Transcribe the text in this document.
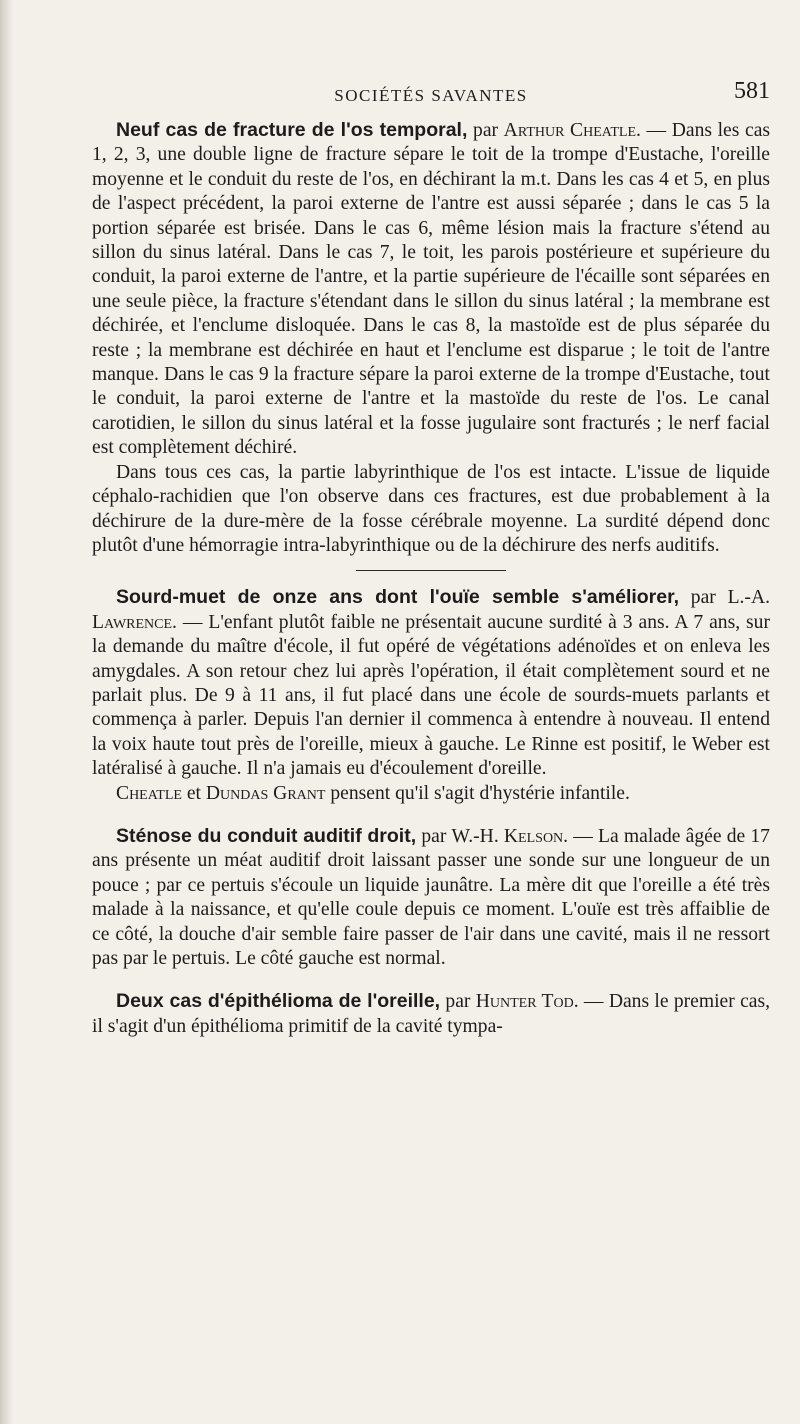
SOCIÉTÉS SAVANTES	581

Neuf cas de fracture de l'os temporal, par Arthur Cheatle. — Dans les cas 1, 2, 3, une double ligne de fracture sépare le toit de la trompe d'Eustache, l'oreille moyenne et le conduit du reste de l'os, en déchirant la m.t. Dans les cas 4 et 5, en plus de l'aspect précédent, la paroi externe de l'antre est aussi séparée ; dans le cas 5 la portion séparée est brisée. Dans le cas 6, même lésion mais la fracture s'étend au sillon du sinus latéral. Dans le cas 7, le toit, les parois postérieure et supérieure du conduit, la paroi externe de l'antre, et la partie supérieure de l'écaille sont séparées en une seule pièce, la fracture s'étendant dans le sillon du sinus latéral ; la membrane est déchirée, et l'enclume disloquée. Dans le cas 8, la mastoïde est de plus séparée du reste ; la membrane est déchirée en haut et l'enclume est disparue ; le toit de l'antre manque. Dans le cas 9 la fracture sépare la paroi externe de la trompe d'Eustache, tout le conduit, la paroi externe de l'antre et la mastoïde du reste de l'os. Le canal carotidien, le sillon du sinus latéral et la fosse jugulaire sont fracturés ; le nerf facial est complètement déchiré.

Dans tous ces cas, la partie labyrinthique de l'os est intacte. L'issue de liquide céphalo-rachidien que l'on observe dans ces fractures, est due probablement à la déchirure de la dure-mère de la fosse cérébrale moyenne. La surdité dépend donc plutôt d'une hémorragie intra-labyrinthique ou de la déchirure des nerfs auditifs.

Sourd-muet de onze ans dont l'ouïe semble s'améliorer, par L.-A. Lawrence. — L'enfant plutôt faible ne présentait aucune surdité à 3 ans. A 7 ans, sur la demande du maître d'école, il fut opéré de végétations adénoïdes et on enleva les amygdales. A son retour chez lui après l'opération, il était complètement sourd et ne parlait plus. De 9 à 11 ans, il fut placé dans une école de sourds-muets parlants et commença à parler. Depuis l'an dernier il commenca à entendre à nouveau. Il entend la voix haute tout près de l'oreille, mieux à gauche. Le Rinne est positif, le Weber est latéralisé à gauche. Il n'a jamais eu d'écoulement d'oreille.

Cheatle et Dundas Grant pensent qu'il s'agit d'hystérie infantile.

Sténose du conduit auditif droit, par W.-H. Kelson. — La malade âgée de 17 ans présente un méat auditif droit laissant passer une sonde sur une longueur de un pouce ; par ce pertuis s'écoule un liquide jaunâtre. La mère dit que l'oreille a été très malade à la naissance, et qu'elle coule depuis ce moment. L'ouïe est très affaiblie de ce côté, la douche d'air semble faire passer de l'air dans une cavité, mais il ne ressort pas par le pertuis. Le côté gauche est normal.

Deux cas d'épithélioma de l'oreille, par Hunter Tod. — Dans le premier cas, il s'agit d'un épithélioma primitif de la cavité tympa-
